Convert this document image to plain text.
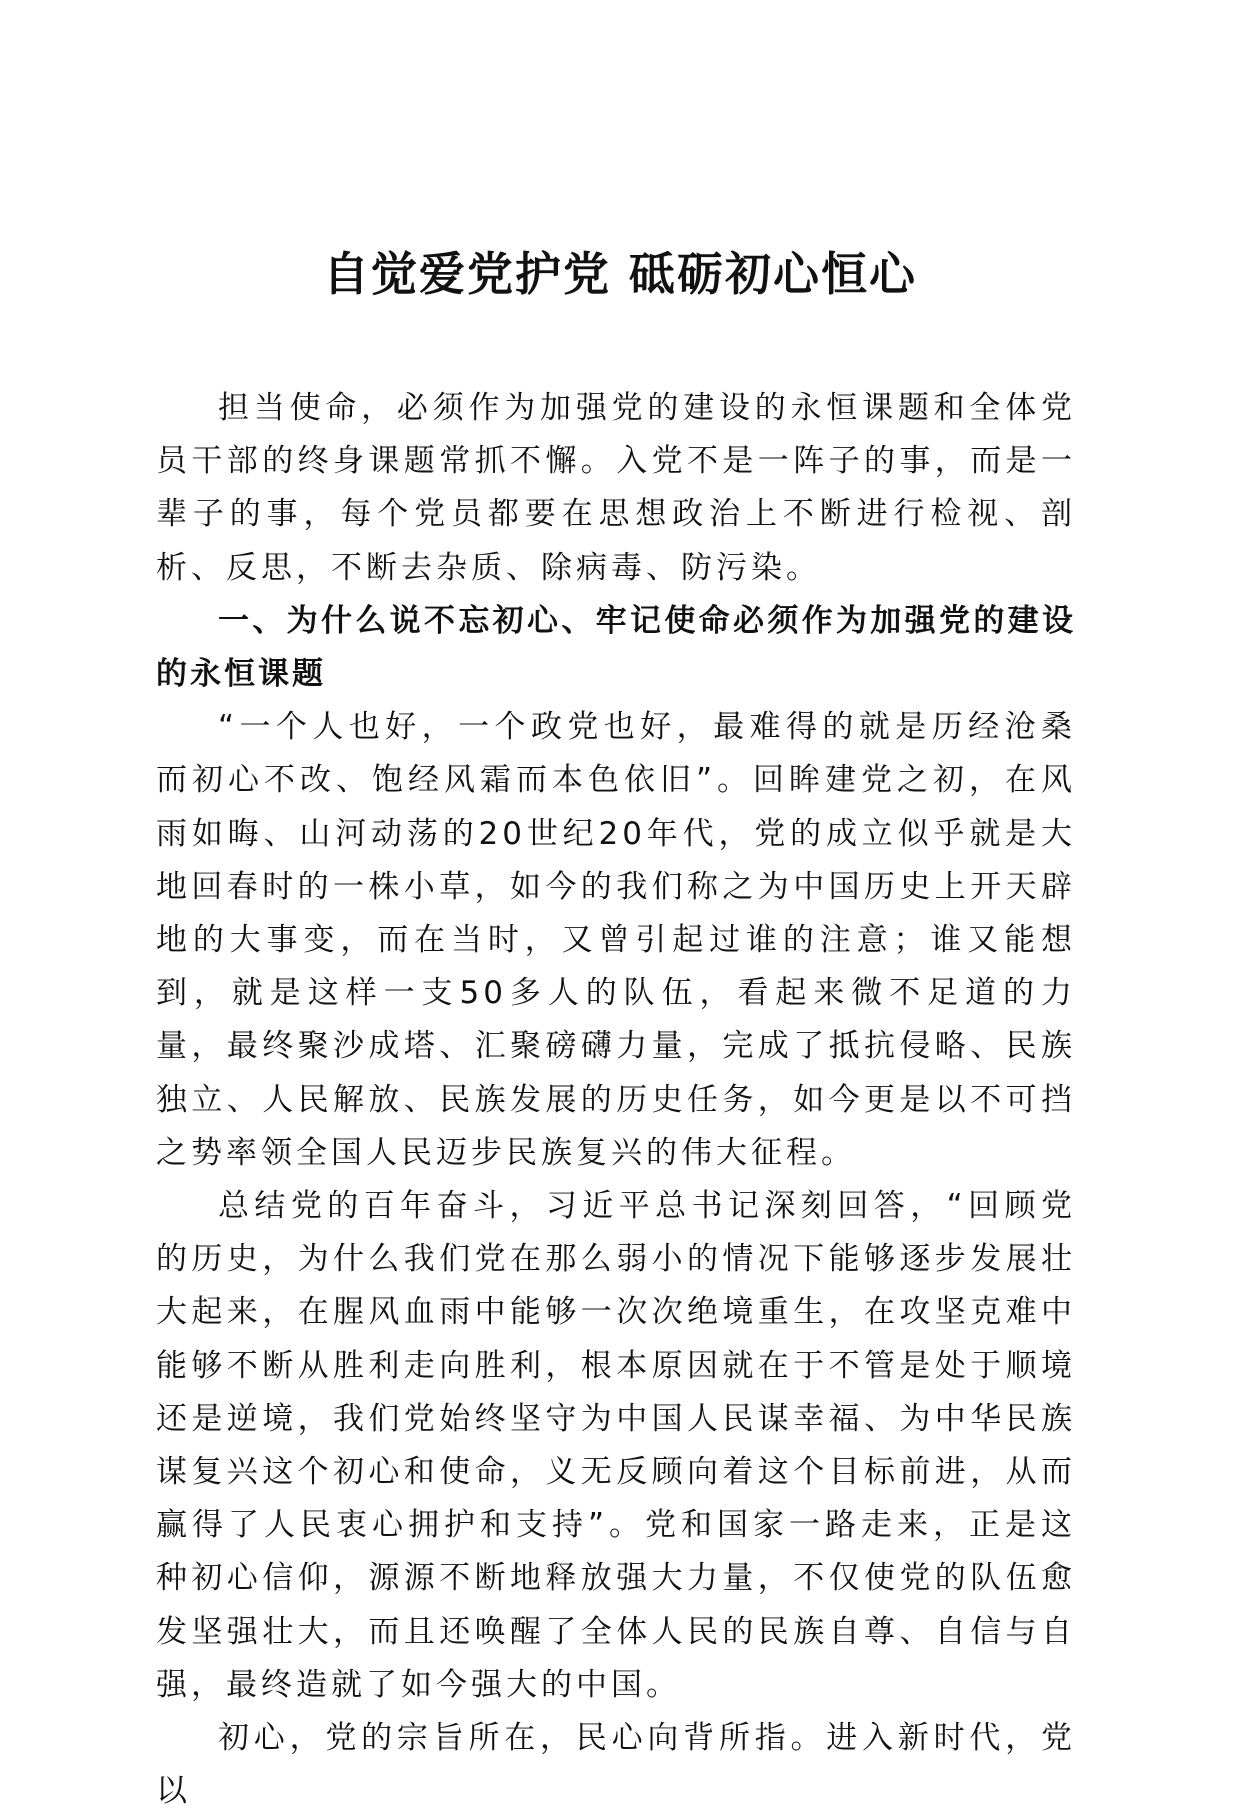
自觉爱党护党 砥砺初心恒心

担当使命，必须作为加强党的建设的永恒课题和全体党员干部的终身课题常抓不懈。入党不是一阵子的事，而是一辈子的事，每个党员都要在思想政治上不断进行检视、剖析、反思，不断去杂质、除病毒、防污染。

一、为什么说不忘初心、牢记使命必须作为加强党的建设的永恒课题

“一个人也好，一个政党也好，最难得的就是历经沧桑而初心不改、饱经风霜而本色依旧”。回眸建党之初，在风雨如晦、山河动荡的20世纪20年代，党的成立似乎就是大地回春时的一株小草，如今的我们称之为中国历史上开天辟地的大事变，而在当时，又曾引起过谁的注意；谁又能想到，就是这样一支50多人的队伍，看起来微不足道的力量，最终聚沙成塔、汇聚磅礴力量，完成了抵抗侵略、民族独立、人民解放、民族发展的历史任务，如今更是以不可挡之势率领全国人民迈步民族复兴的伟大征程。

总结党的百年奋斗，习近平总书记深刻回答，“回顾党的历史，为什么我们党在那么弱小的情况下能够逐步发展壮大起来，在腥风血雨中能够一次次绝境重生，在攻坚克难中能够不断从胜利走向胜利，根本原因就在于不管是处于顺境还是逆境，我们党始终坚守为中国人民谋幸福、为中华民族谋复兴这个初心和使命，义无反顾向着这个目标前进，从而赢得了人民衷心拥护和支持”。党和国家一路走来，正是这种初心信仰，源源不断地释放强大力量，不仅使党的队伍愈发坚强壮大，而且还唤醒了全体人民的民族自尊、自信与自强，最终造就了如今强大的中国。

初心，党的宗旨所在，民心向背所指。进入新时代，党以
